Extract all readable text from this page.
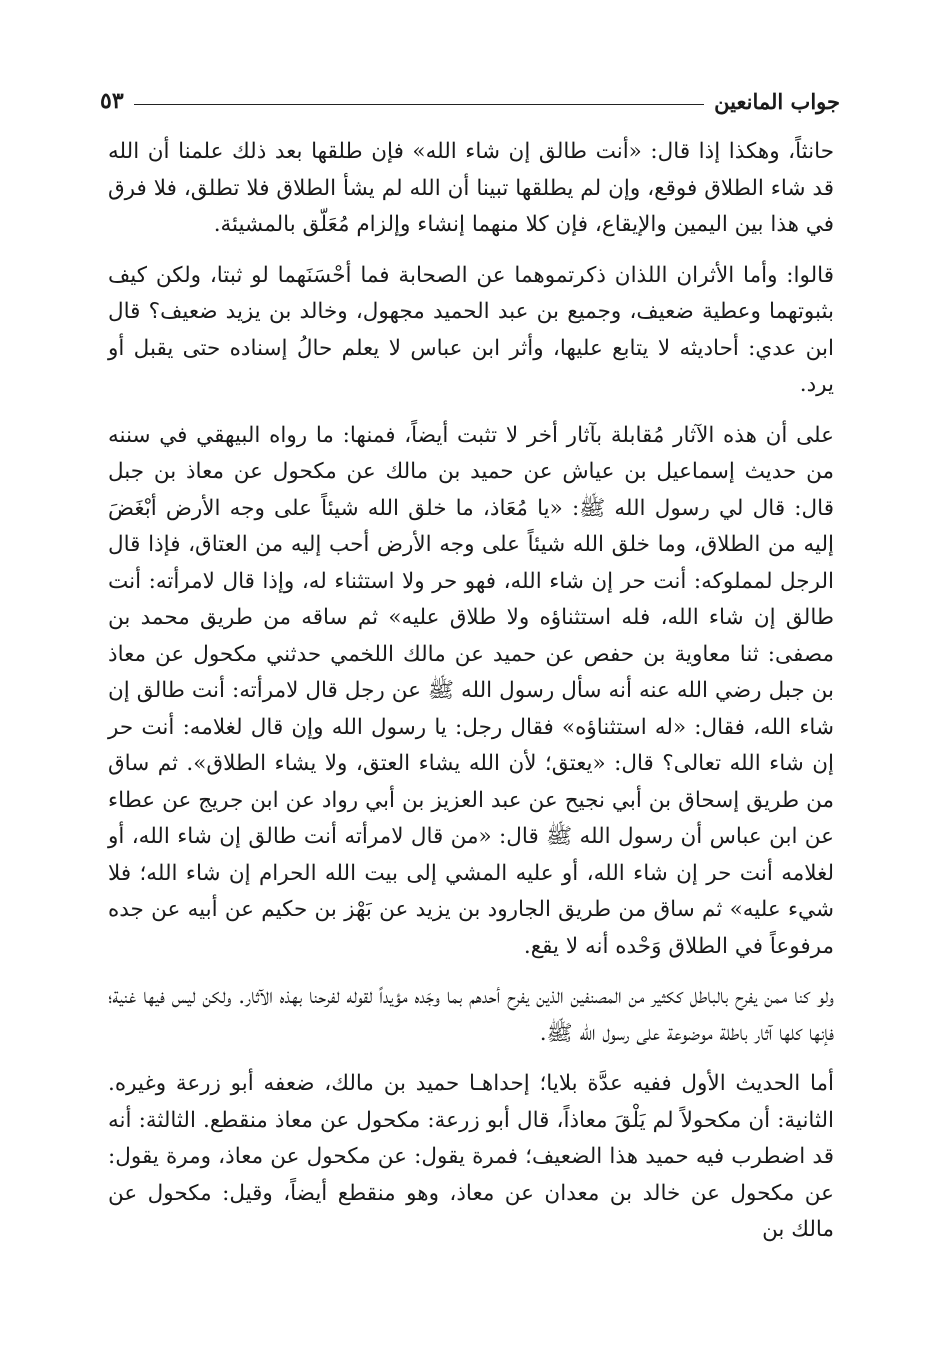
جواب المانعين
٥٣

حانثاً، وهكذا إذا قال: «أنت طالق إن شاء الله» فإن طلقها بعد ذلك علمنا أن الله قد شاء الطلاق فوقع، وإن لم يطلقها تبينا أن الله لم يشأ الطلاق فلا تطلق، فلا فرق في هذا بين اليمين والإيقاع، فإن كلا منهما إنشاء وإلزام مُعَلّق بالمشيئة.

قالوا: وأما الأثران اللذان ذكرتموهما عن الصحابة فما أحْسَنَهما لو ثبتا، ولكن كيف بثبوتهما وعطية ضعيف، وجميع بن عبد الحميد مجهول، وخالد بن يزيد ضعيف؟ قال ابن عدي: أحاديثه لا يتابع عليها، وأثر ابن عباس لا يعلم حالُ إسناده حتى يقبل أو يرد.

على أن هذه الآثار مُقابلة بآثار أخر لا تثبت أيضاً، فمنها: ما رواه البيهقي في سننه من حديث إسماعيل بن عياش عن حميد بن مالك عن مكحول عن معاذ بن جبل قال: قال لي رسول الله ﷺ: «يا مُعَاذ، ما خلق الله شيئاً على وجه الأرض أبْغَضَ إليه من الطلاق، وما خلق الله شيئاً على وجه الأرض أحب إليه من العتاق، فإذا قال الرجل لمملوكه: أنت حر إن شاء الله، فهو حر ولا استثناء له، وإذا قال لامرأته: أنت طالق إن شاء الله، فله استثناؤه ولا طلاق عليه» ثم ساقه من طريق محمد بن مصفى: ثنا معاوية بن حفص عن حميد عن مالك اللخمي حدثني مكحول عن معاذ بن جبل رضي الله عنه أنه سأل رسول الله ﷺ عن رجل قال لامرأته: أنت طالق إن شاء الله، فقال: «له استثناؤه» فقال رجل: يا رسول الله وإن قال لغلامه: أنت حر إن شاء الله تعالى؟ قال: «يعتق؛ لأن الله يشاء العتق، ولا يشاء الطلاق». ثم ساق من طريق إسحاق بن أبي نجيح عن عبد العزيز بن أبي رواد عن ابن جريج عن عطاء عن ابن عباس أن رسول الله ﷺ قال: «من قال لامرأته أنت طالق إن شاء الله، أو لغلامه أنت حر إن شاء الله، أو عليه المشي إلى بيت الله الحرام إن شاء الله؛ فلا شيء عليه» ثم ساق من طريق الجارود بن يزيد عن بَهْز بن حكيم عن أبيه عن جده مرفوعاً في الطلاق وَحْده أنه لا يقع.

ولو كنا ممن يفرح بالباطل ككثير من المصنفين الذين يفرح أحدهم بما وجَده مؤيداً لقوله لفرحنا بهذه الآثار. ولكن ليس فيها غنية؛ فإنها كلها آثار باطلة موضوعة على رسول الله ﷺ.

أما الحديث الأول ففيه عدَّة بلايا؛ إحداهـا حميد بن مالك، ضعفه أبو زرعة وغيره. الثانية: أن مكحولاً لم يَلْقَ معاذاً، قال أبو زرعة: مكحول عن معاذ منقطع. الثالثة: أنه قد اضطرب فيه حميد هذا الضعيف؛ فمرة يقول: عن مكحول عن معاذ، ومرة يقول: عن مكحول عن خالد بن معدان عن معاذ، وهو منقطع أيضاً، وقيل: مكحول عن مالك بن
